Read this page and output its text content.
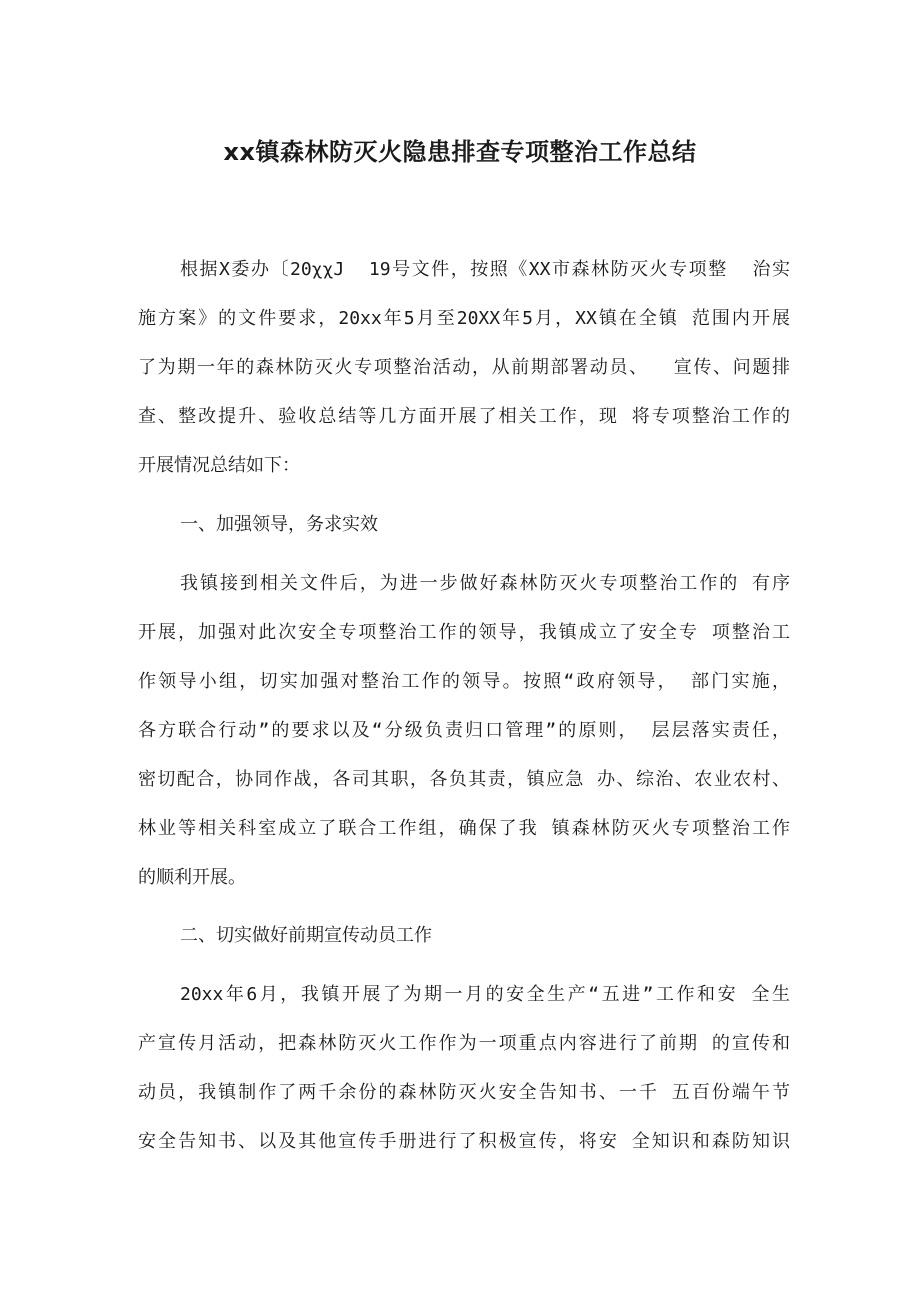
xx镇森林防灭火隐患排查专项整治工作总结
根据X委办〔20χχJ  19号文件，按照《XX市森林防灭火专项整  治实
施方案》的文件要求，20xx年5月至20XX年5月，XX镇在全镇 范围内开展
了为期一年的森林防灭火专项整治活动，从前期部署动员、  宣传、问题排
查、整改提升、验收总结等几方面开展了相关工作，现 将专项整治工作的
开展情况总结如下：
一、加强领导，务求实效
我镇接到相关文件后，为进一步做好森林防灭火专项整治工作的 有序
开展，加强对此次安全专项整治工作的领导，我镇成立了安全专 项整治工
作领导小组，切实加强对整治工作的领导。按照“政府领导， 部门实施，
各方联合行动”的要求以及“分级负责归口管理”的原则， 层层落实责任，
密切配合，协同作战，各司其职，各负其责，镇应急 办、综治、农业农村、
林业等相关科室成立了联合工作组，确保了我 镇森林防灭火专项整治工作
的顺利开展。
二、切实做好前期宣传动员工作
20xx年6月，我镇开展了为期一月的安全生产“五进”工作和安 全生
产宣传月活动，把森林防灭火工作作为一项重点内容进行了前期 的宣传和
动员，我镇制作了两千余份的森林防灭火安全告知书、一千 五百份端午节
安全告知书、以及其他宣传手册进行了积极宣传，将安 全知识和森防知识
